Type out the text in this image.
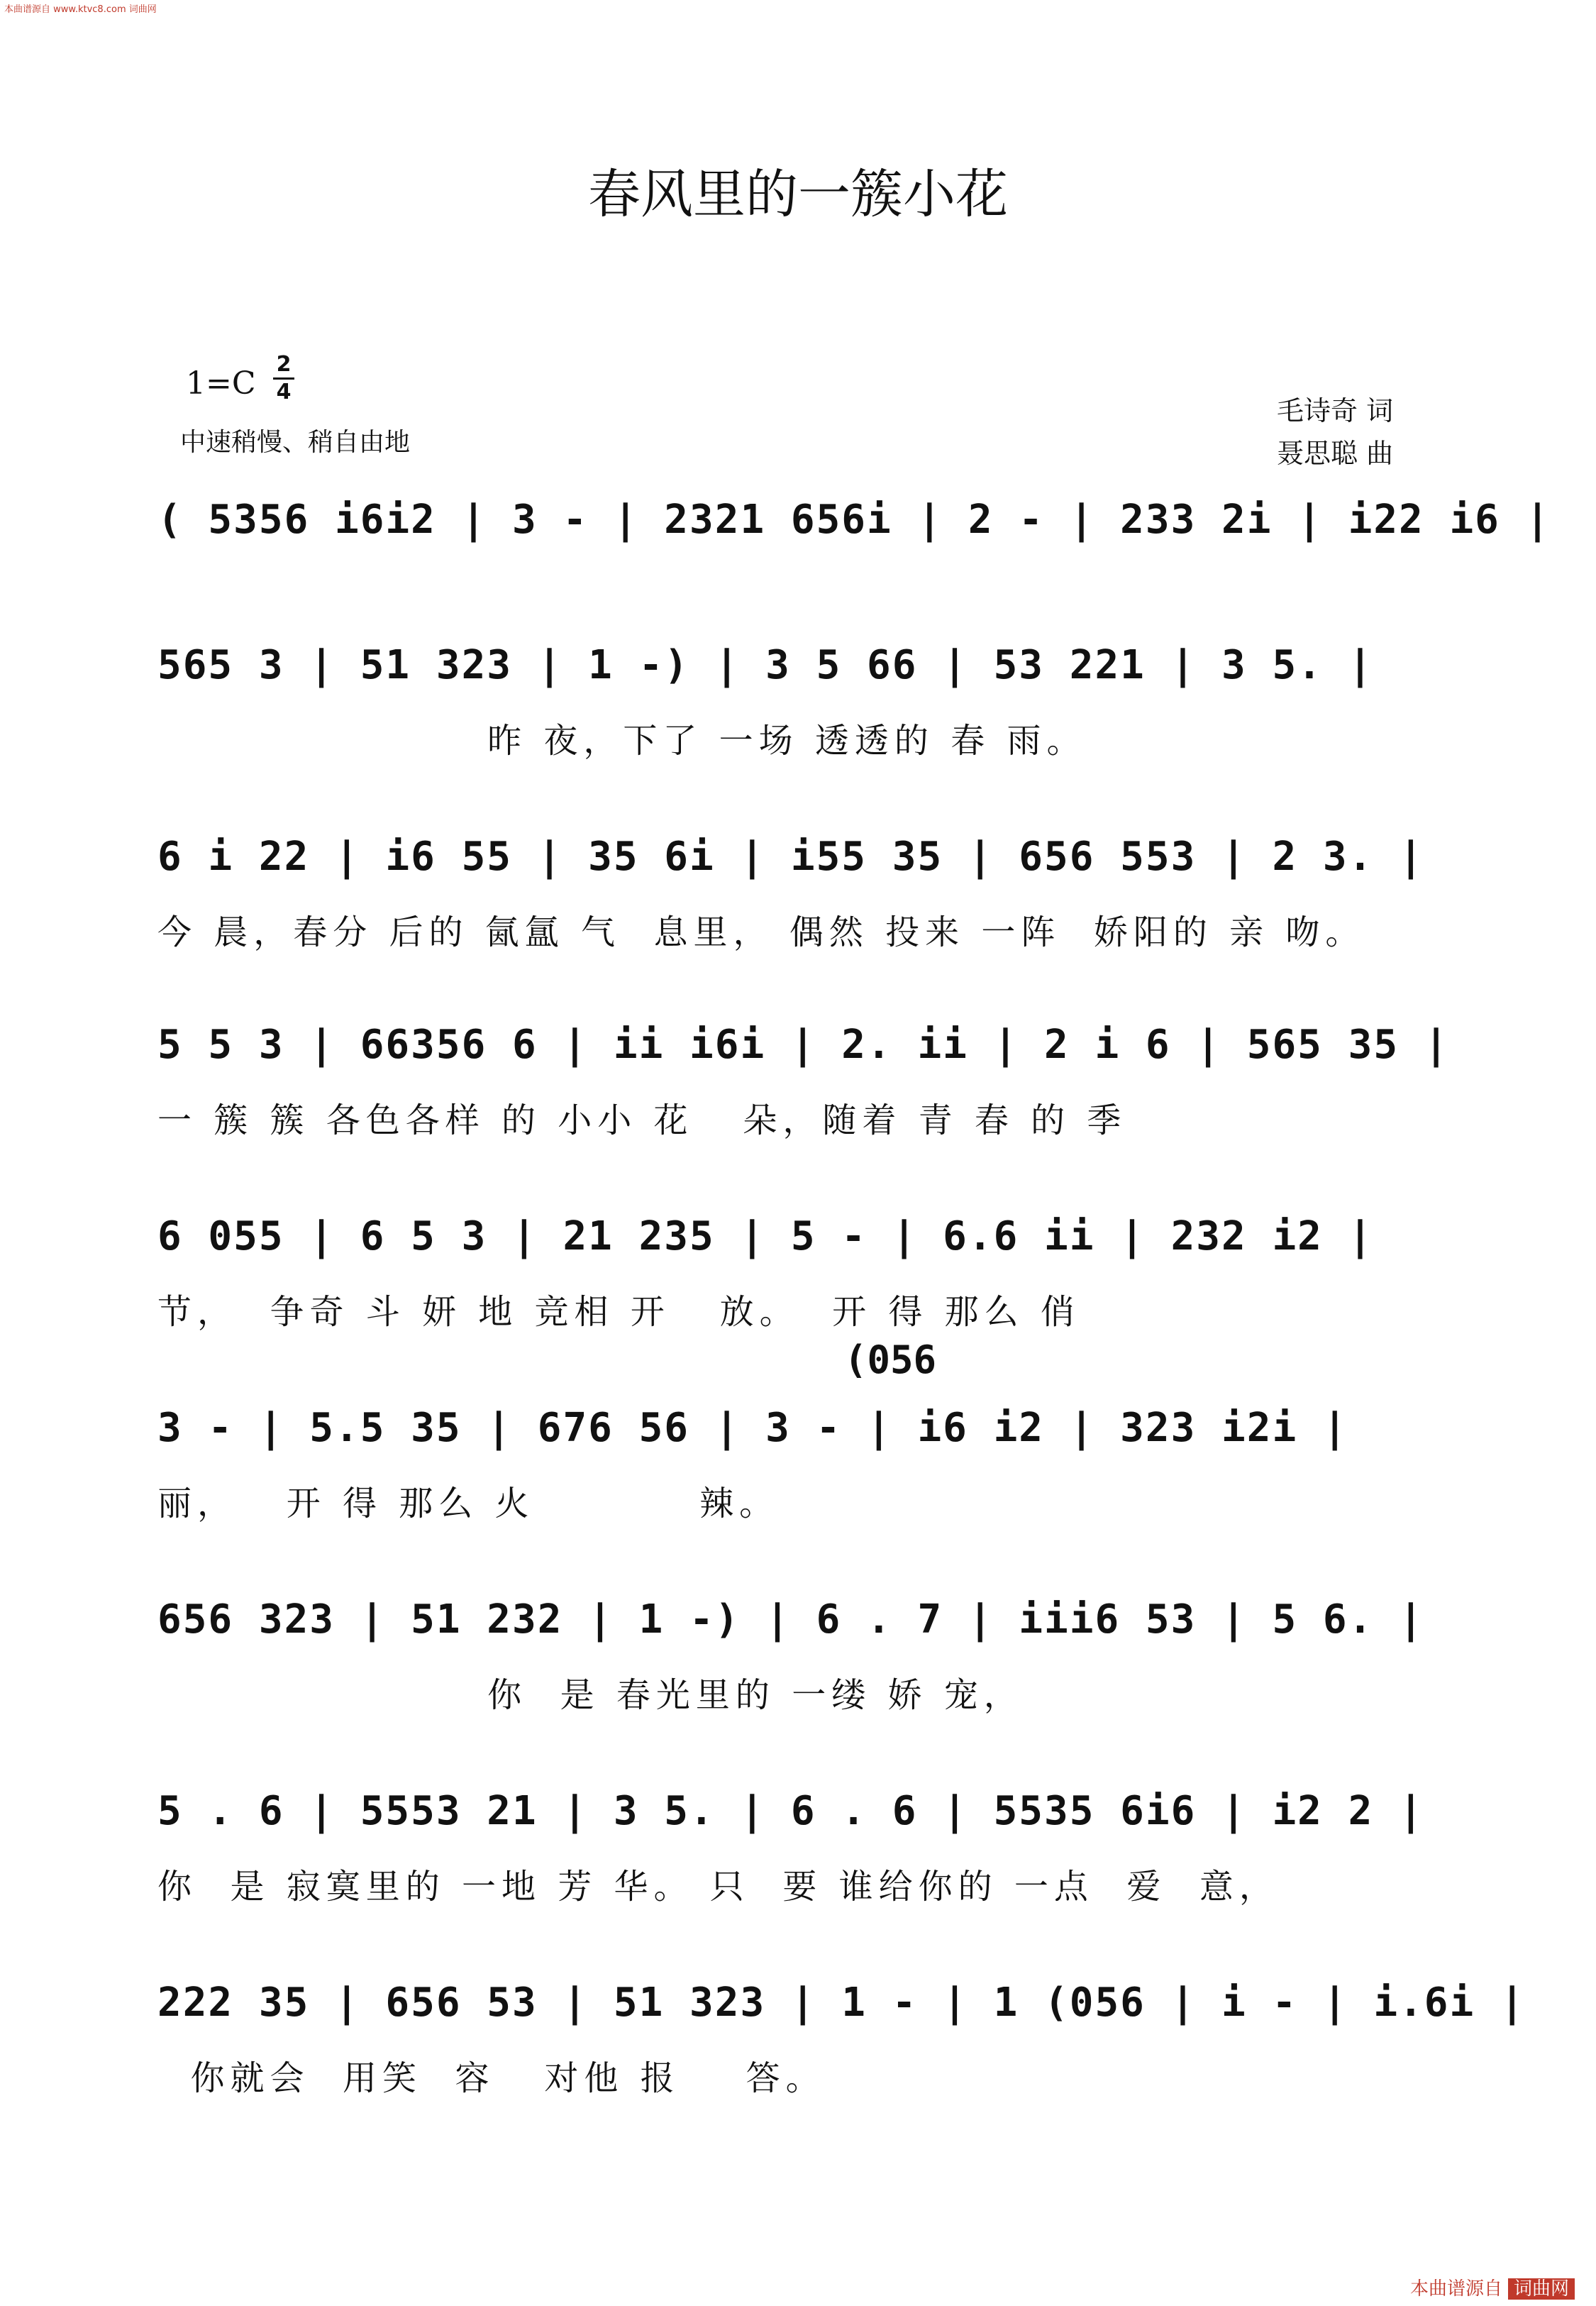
本曲谱源自 www.ktvc8.com 词曲网
春风里的一簇小花
1=C
2
4
中速稍慢、稍自由地
毛诗奇 词
聂思聪 曲
( 5356 i6i2 | 3 - | 2321 656i | 2 - | 233 2i | i22 i6 |
565 3 | 51 323 | 1 -) | 3 5 66 | 53 221 | 3 5. |
昨 夜，下了 一场 透透的 春 雨。
6 i 22 | i6 55 | 35 6i | i55 35 | 656 553 | 2 3. |
今 晨，春分 后的 氤氲 气  息里， 偶然 投来 一阵  娇阳的 亲 吻。
5 5 3 | 66356 6 | ii i6i | 2. ii | 2 i 6 | 565 35 |
一 簇 簇 各色各样 的 小小 花   朵，随着 青 春 的 季
6 055 | 6 5 3 | 21 235 | 5 - | 6.6 ii | 232 i2 |
节，  争奇 斗 妍 地 竞相 开   放。  开 得 那么 俏
(056
3 - | 5.5 35 | 676 56 | 3 - | i6 i2 | 323 i2i |
丽，   开 得 那么 火          辣。
656 323 | 51 232 | 1 -) | 6 . 7 | iii6 53 | 5 6. |
你  是 春光里的 一缕 娇 宠，
5 . 6 | 5553 21 | 3 5. | 6 . 6 | 5535 6i6 | i2 2 |
你  是 寂寞里的 一地 芳 华。 只  要 谁给你的 一点  爱  意，
222 35 | 656 53 | 51 323 | 1 - | 1 (056 | i - | i.6i |
你就会  用笑  容   对他 报    答。
本曲谱源自 词曲网
